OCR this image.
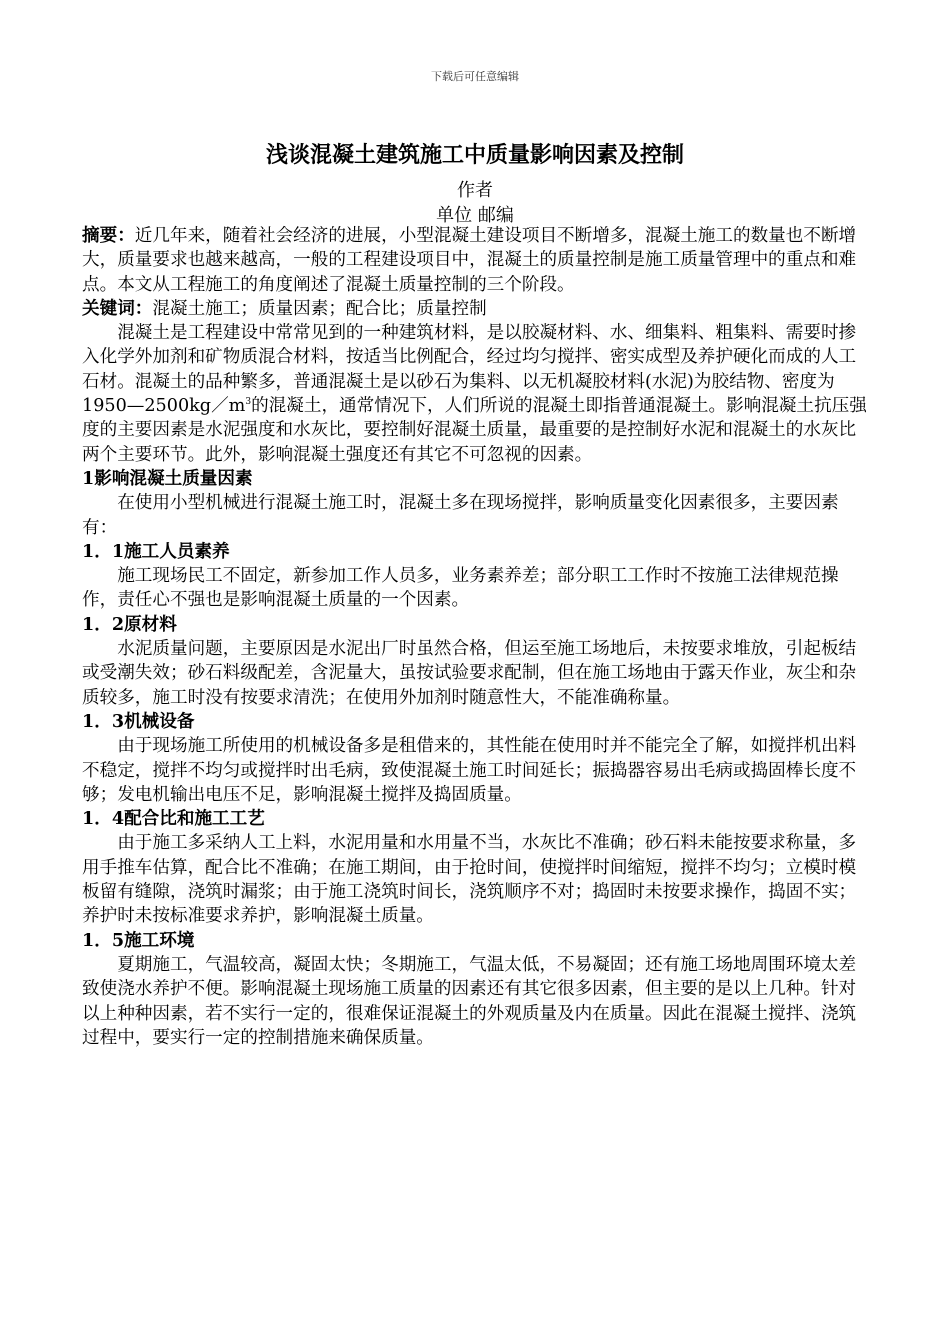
下载后可任意编辑
浅谈混凝土建筑施工中质量影响因素及控制
作者
单位 邮编

摘要：近几年来，随着社会经济的进展，小型混凝土建设项目不断增多，混凝土施工的数量也不断增大，质量要求也越来越高，一般的工程建设项目中，混凝土的质量控制是施工质量管理中的重点和难点。本文从工程施工的角度阐述了混凝土质量控制的三个阶段。

关键词：混凝土施工；质量因素；配合比；质量控制

混凝土是工程建设中常常见到的一种建筑材料，是以胶凝材料、水、细集料、粗集料、需要时掺入化学外加剂和矿物质混合材料，按适当比例配合，经过均匀搅拌、密实成型及养护硬化而成的人工石材。混凝土的品种繁多，普通混凝土是以砂石为集料、以无机凝胶材料(水泥)为胶结物、密度为$1950—2500kg/m^3$的混凝土，通常情况下，人们所说的混凝土即指普通混凝土。影响混凝土抗压强度的主要因素是水泥强度和水灰比，要控制好混凝土质量，最重要的是控制好水泥和混凝土的水灰比两个主要环节。此外，影响混凝土强度还有其它不可忽视的因素。

1影响混凝土质量因素

在使用小型机械进行混凝土施工时，混凝土多在现场搅拌，影响质量变化因素很多，主要因素有：

1．1施工人员素养

施工现场民工不固定，新参加工作人员多，业务素养差；部分职工工作时不按施工法律规范操作，责任心不强也是影响混凝土质量的一个因素。

1．2原材料

水泥质量问题，主要原因是水泥出厂时虽然合格，但运至施工场地后，未按要求堆放，引起板结或受潮失效；砂石料级配差，含泥量大，虽按试验要求配制，但在施工场地由于露天作业，灰尘和杂质较多，施工时没有按要求清洗；在使用外加剂时随意性大，不能准确称量。

1．3机械设备

由于现场施工所使用的机械设备多是租借来的，其性能在使用时并不能完全了解，如搅拌机出料不稳定，搅拌不均匀或搅拌时出毛病，致使混凝土施工时间延长；振捣器容易出毛病或捣固棒长度不够；发电机输出电压不足，影响混凝土搅拌及捣固质量。

1．4配合比和施工工艺

由于施工多采纳人工上料，水泥用量和水用量不当，水灰比不准确；砂石料未能按要求称量，多用手推车估算，配合比不准确；在施工期间，由于抢时间，使搅拌时间缩短，搅拌不均匀；立模时模板留有缝隙，浇筑时漏浆；由于施工浇筑时间长，浇筑顺序不对；捣固时未按要求操作，捣固不实；养护时未按标准要求养护，影响混凝土质量。

1．5施工环境

夏期施工，气温较高，凝固太快；冬期施工，气温太低，不易凝固；还有施工场地周围环境太差致使浇水养护不便。影响混凝土现场施工质量的因素还有其它很多因素，但主要的是以上几种。针对以上种种因素，若不实行一定的，很难保证混凝土的外观质量及内在质量。因此在混凝土搅拌、浇筑过程中，要实行一定的控制措施来确保质量。
